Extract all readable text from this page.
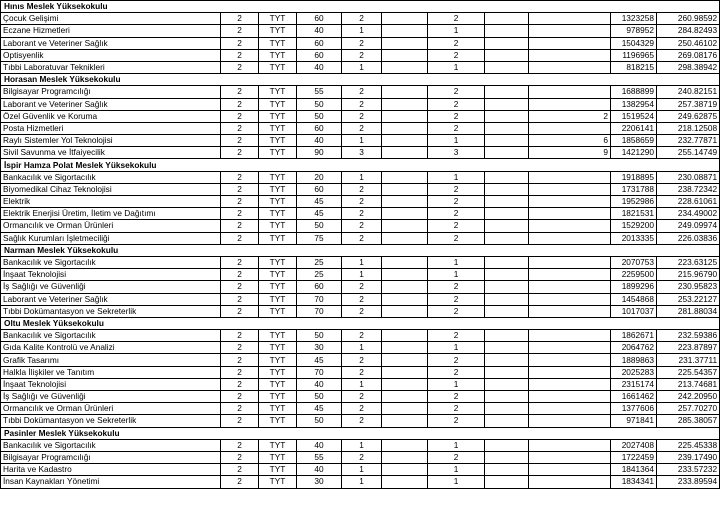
Hınıs Meslek Yüksekokulu										
Çocuk Gelişimi	2	TYT	60	2		2			1323258	260.98592
Eczane Hizmetleri	2	TYT	40	1		1			978952	284.82493
Laborant ve Veteriner Sağlık	2	TYT	60	2		2			1504329	250.46102
Optisyenlik	2	TYT	60	2		2			1196965	269.08176
Tıbbi Laboratuvar Teknikleri	2	TYT	40	1		1			818215	298.38942
Horasan Meslek Yüksekokulu										
Bilgisayar Programcılığı	2	TYT	55	2		2			1688899	240.82151
Laborant ve Veteriner Sağlık	2	TYT	50	2		2			1382954	257.38719
Özel Güvenlik ve Koruma	2	TYT	50	2		2		2	1519524	249.62875
Posta Hizmetleri	2	TYT	60	2		2			2206141	218.12508
Raylı Sistemler Yol Teknolojisi	2	TYT	40	1		1		6	1858659	232.77871
Sivil Savunma ve İtfaiyecilik	2	TYT	90	3		3		9	1421290	255.14749
İspir Hamza Polat Meslek Yüksekokulu										
Bankacılık ve Sigortacılık	2	TYT	20	1		1			1918895	230.08871
Biyomedikal Cihaz Teknolojisi	2	TYT	60	2		2			1731788	238.72342
Elektrik	2	TYT	45	2		2			1952986	228.61061
Elektrik Enerjisi Üretim, İletim ve Dağıtımı	2	TYT	45	2		2			1821531	234.49002
Ormancılık ve Orman Ürünleri	2	TYT	50	2		2			1529200	249.09974
Sağlık Kurumları İşletmeciliği	2	TYT	75	2		2			2013335	226.03836
Narman Meslek Yüksekokulu										
Bankacılık ve Sigortacılık	2	TYT	25	1		1			2070753	223.63125
İnşaat Teknolojisi	2	TYT	25	1		1			2259500	215.96790
İş Sağlığı ve Güvenliği	2	TYT	60	2		2			1899296	230.95823
Laborant ve Veteriner Sağlık	2	TYT	70	2		2			1454868	253.22127
Tıbbi Dokümantasyon ve Sekreterlik	2	TYT	70	2		2			1017037	281.88034
Oltu Meslek Yüksekokulu										
Bankacılık ve Sigortacılık	2	TYT	50	2		2			1862671	232.59386
Gıda Kalite Kontrolü ve Analizi	2	TYT	30	1		1			2064762	223.87897
Grafik Tasarımı	2	TYT	45	2		2			1889863	231.37711
Halkla İlişkiler ve Tanıtım	2	TYT	70	2		2			2025283	225.54357
İnşaat Teknolojisi	2	TYT	40	1		1			2315174	213.74681
İş Sağlığı ve Güvenliği	2	TYT	50	2		2			1661462	242.20950
Ormancılık ve Orman Ürünleri	2	TYT	45	2		2			1377606	257.70270
Tıbbi Dokümantasyon ve Sekreterlik	2	TYT	50	2		2			971841	285.38057
Pasinler Meslek Yüksekokulu										
Bankacılık ve Sigortacılık	2	TYT	40	1		1			2027408	225.45338
Bilgisayar Programcılığı	2	TYT	55	2		2			1722459	239.17490
Harita ve Kadastro	2	TYT	40	1		1			1841364	233.57232
İnsan Kaynakları Yönetimi	2	TYT	30	1		1			1834341	233.89594
